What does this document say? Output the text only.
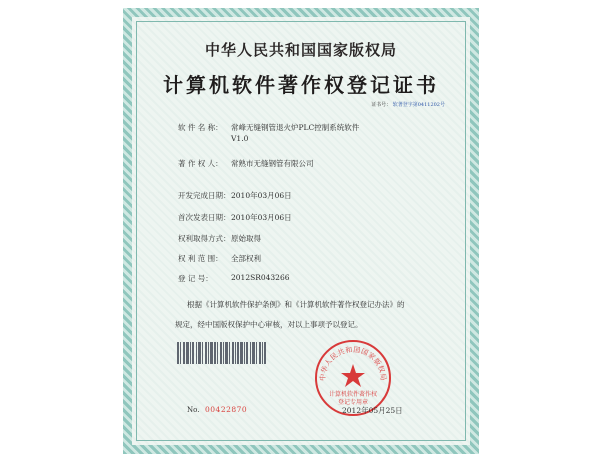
中华人民共和国国家版权局
计算机软件著作权登记证书
证书号： 软著登字第0411202号
软 件 名 称： 常峰无缝钢管退火炉PLC控制系统软件
V1.0
著 作 权 人： 常熟市无缝钢管有限公司
开发完成日期： 2010年03月06日
首次发表日期： 2010年03月06日
权利取得方式： 原始取得
权 利 范 围： 全部权利
登 记 号： 2012SR043266
根据《计算机软件保护条例》和《计算机软件著作权登记办法》的
规定，经中国版权保护中心审核，对以上事项予以登记。
No. 00422870
中华人民共和国国家版权局
计算机软件著作权
登记专用章
2012年05月25日
